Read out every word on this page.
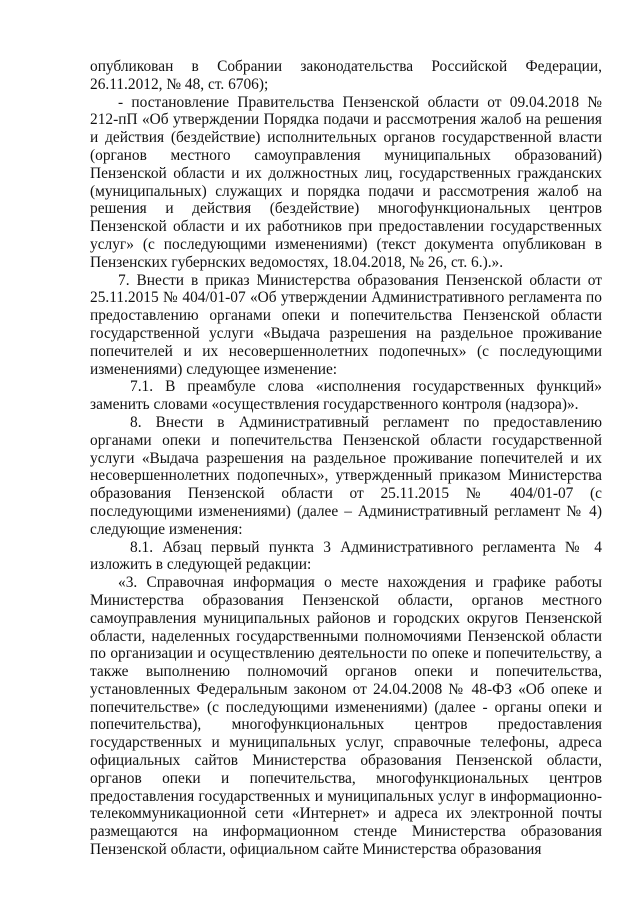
опубликован в Собрании законодательства Российской Федерации, 26.11.2012, № 48, ст. 6706);

- постановление Правительства Пензенской области от 09.04.2018 № 212-пП «Об утверждении Порядка подачи и рассмотрения жалоб на решения и действия (бездействие) исполнительных органов государственной власти (органов местного самоуправления муниципальных образований) Пензенской области и их должностных лиц, государственных гражданских (муниципальных) служащих и порядка подачи и рассмотрения жалоб на решения и действия (бездействие) многофункциональных центров Пензенской области и их работников при предоставлении государственных услуг» (с последующими изменениями) (текст документа опубликован в Пензенских губернских ведомостях, 18.04.2018, № 26, ст. 6.).».

7. Внести в приказ Министерства образования Пензенской области от 25.11.2015 № 404/01-07 «Об утверждении Административного регламента по предоставлению органами опеки и попечительства Пензенской области государственной услуги «Выдача разрешения на раздельное проживание попечителей и их несовершеннолетних подопечных» (с последующими изменениями) следующее изменение:

7.1. В преамбуле слова «исполнения государственных функций» заменить словами «осуществления государственного контроля (надзора)».

8. Внести в Административный регламент по предоставлению органами опеки и попечительства Пензенской области государственной услуги «Выдача разрешения на раздельное проживание попечителей и их несовершеннолетних подопечных», утвержденный приказом Министерства образования Пензенской области от 25.11.2015 № 404/01-07 (с последующими изменениями) (далее – Административный регламент № 4) следующие изменения:

8.1. Абзац первый пункта 3 Административного регламента № 4 изложить в следующей редакции:

«3. Справочная информация о месте нахождения и графике работы Министерства образования Пензенской области, органов местного самоуправления муниципальных районов и городских округов Пензенской области, наделенных государственными полномочиями Пензенской области по организации и осуществлению деятельности по опеке и попечительству, а также выполнению полномочий органов опеки и попечительства, установленных Федеральным законом от 24.04.2008 № 48-ФЗ «Об опеке и попечительстве» (с последующими изменениями) (далее - органы опеки и попечительства), многофункциональных центров предоставления государственных и муниципальных услуг, справочные телефоны, адреса официальных сайтов Министерства образования Пензенской области, органов опеки и попечительства, многофункциональных центров предоставления государственных и муниципальных услуг в информационно-телекоммуникационной сети «Интернет» и адреса их электронной почты размещаются на информационном стенде Министерства образования Пензенской области, официальном сайте Министерства образования
